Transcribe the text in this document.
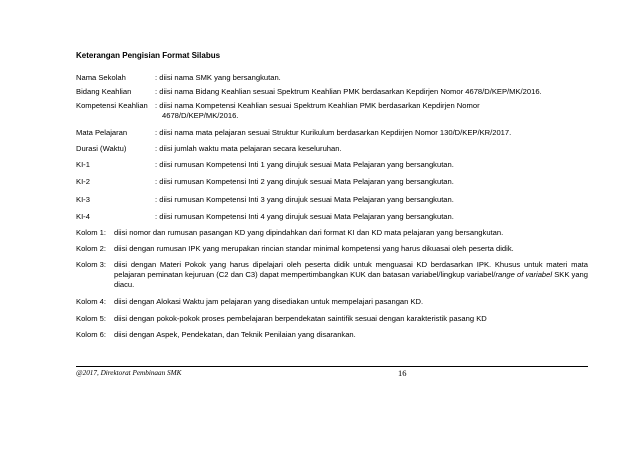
Keterangan Pengisian Format Silabus
Nama Sekolah	: diisi nama SMK yang bersangkutan.
Bidang Keahlian	: diisi nama Bidang Keahlian sesuai Spektrum Keahlian PMK berdasarkan Kepdirjen Nomor 4678/D/KEP/MK/2016.
Kompetensi Keahlian : diisi nama Kompetensi Keahlian sesuai Spektrum Keahlian PMK berdasarkan Kepdirjen Nomor
4678/D/KEP/MK/2016.
Mata Pelajaran	: diisi nama mata pelajaran sesuai Struktur Kurikulum berdasarkan Kepdirjen Nomor 130/D/KEP/KR/2017.
Durasi (Waktu)	: diisi jumlah waktu mata pelajaran secara keseluruhan.
KI-1	: diisi rumusan Kompetensi Inti 1 yang dirujuk sesuai Mata Pelajaran yang bersangkutan.
KI-2	: diisi rumusan Kompetensi Inti 2 yang dirujuk sesuai Mata Pelajaran yang bersangkutan.
KI-3	: diisi rumusan Kompetensi Inti 3 yang dirujuk sesuai Mata Pelajaran yang bersangkutan.
KI-4	: diisi rumusan Kompetensi Inti 4 yang dirujuk sesuai Mata Pelajaran yang bersangkutan.
Kolom 1: diisi nomor dan rumusan pasangan KD yang dipindahkan dari format KI dan KD mata pelajaran yang bersangkutan.
Kolom 2: diisi dengan rumusan IPK yang merupakan rincian standar minimal kompetensi yang harus dikuasai oleh peserta didik.
Kolom 3: diisi dengan Materi Pokok yang harus dipelajari oleh peserta didik untuk menguasai KD berdasarkan IPK. Khusus untuk materi mata pelajaran peminatan kejuruan (C2 dan C3) dapat mempertimbangkan KUK dan batasan variabel/lingkup variabel/range of variabel SKK yang diacu.
Kolom 4: diisi dengan Alokasi Waktu jam pelajaran yang disediakan untuk mempelajari pasangan KD.
Kolom 5: diisi dengan pokok-pokok proses pembelajaran berpendekatan saintifik sesuai dengan karakteristik pasang KD
Kolom 6: diisi dengan Aspek, Pendekatan, dan Teknik Penilaian yang disarankan.
@2017, Direktorat Pembinaan SMK	16
